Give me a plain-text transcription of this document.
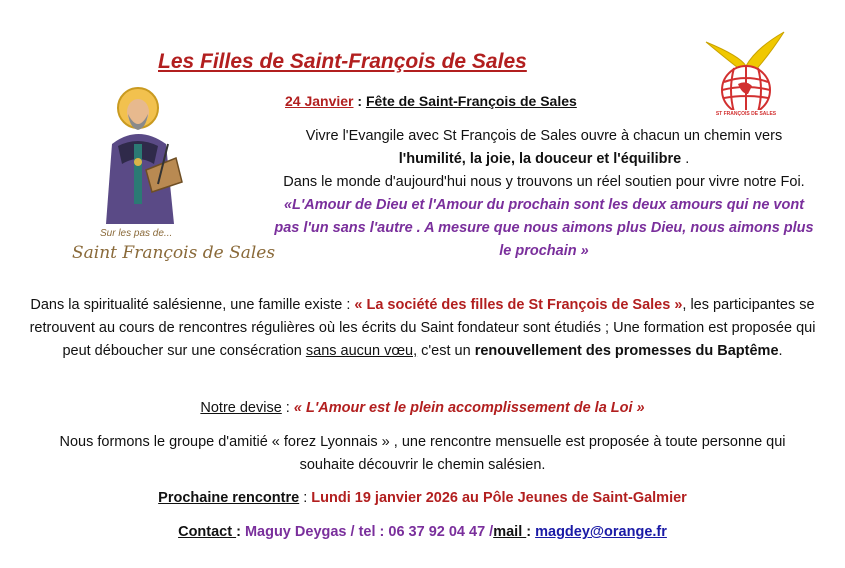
Les Filles de Saint-François de Sales
Sur les pas de...
Saint François de Sales
ST FRANÇOIS DE SALES
24 Janvier : Fête de Saint-François de Sales
Vivre l'Evangile avec St François de Sales ouvre à chacun un chemin vers
l'humilité, la joie, la douceur et l'équilibre .
Dans le monde d'aujourd'hui nous y trouvons un réel soutien pour vivre notre Foi.
«L'Amour de Dieu et l'Amour du prochain sont les deux amours qui ne vont pas l'un sans l'autre . A mesure que nous aimons plus Dieu, nous aimons plus le prochain »
Dans la spiritualité salésienne, une famille existe : « La société des filles de St François de Sales », les participantes se retrouvent au cours de rencontres régulières où les écrits du Saint fondateur sont étudiés ; Une formation est proposée qui peut déboucher sur une consécration sans aucun vœu, c'est un renouvellement des promesses du Baptême.
Notre devise : « L'Amour est le plein accomplissement de la Loi »
Nous formons le groupe d'amitié « forez Lyonnais » , une rencontre mensuelle est proposée à toute personne qui souhaite découvrir le chemin salésien.
Prochaine rencontre : Lundi 19 janvier 2026 au Pôle Jeunes de Saint-Galmier
Contact : Maguy Deygas / tel : 06 37 92 04 47 /mail : magdey@orange.fr
